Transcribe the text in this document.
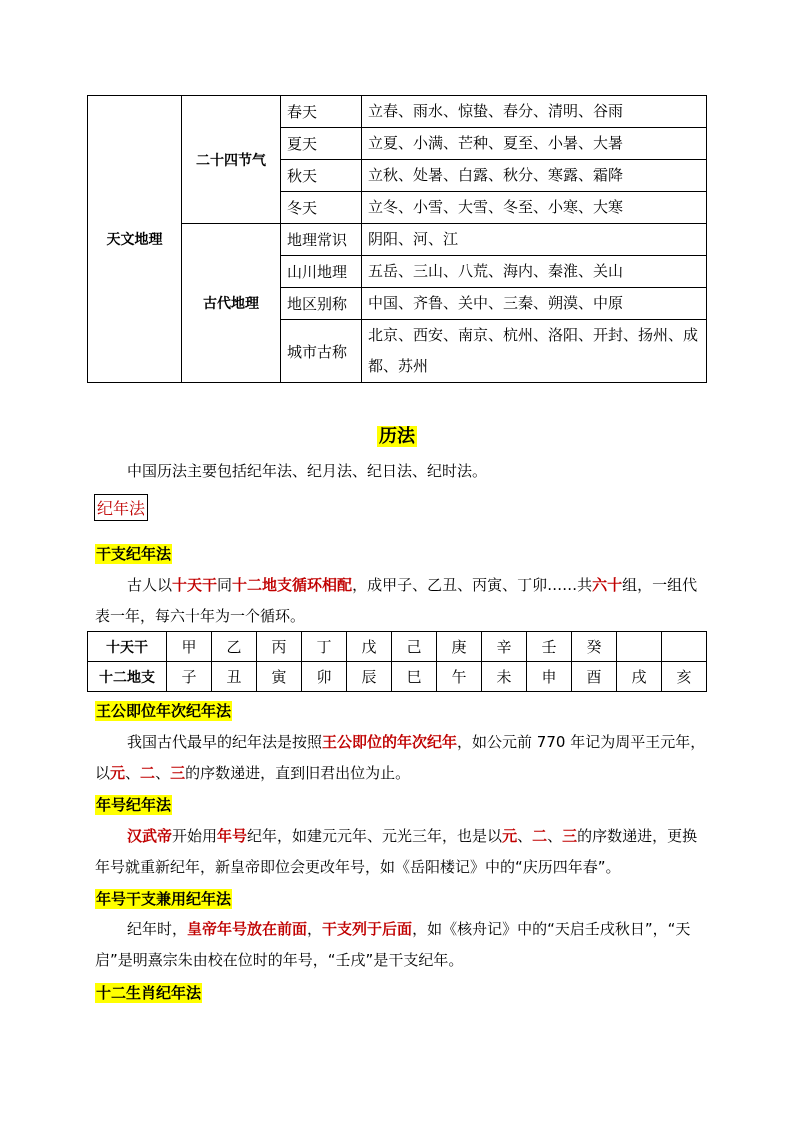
天文地理	二十四节气	春天	立春、雨水、惊蛰、春分、清明、谷雨
		夏天	立夏、小满、芒种、夏至、小暑、大暑
		秋天	立秋、处暑、白露、秋分、寒露、霜降
		冬天	立冬、小雪、大雪、冬至、小寒、大寒
	古代地理	地理常识	阴阳、河、江
		山川地理	五岳、三山、八荒、海内、秦淮、关山
		地区别称	中国、齐鲁、关中、三秦、朔漠、中原
		城市古称	北京、西安、南京、杭州、洛阳、开封、扬州、成都、苏州
历法
中国历法主要包括纪年法、纪月法、纪日法、纪时法。
纪年法
干支纪年法
古人以十天干同十二地支循环相配，成甲子、乙丑、丙寅、丁卯……共六十组，一组代表一年，每六十年为一个循环。
十天干	甲	乙	丙	丁	戊	己	庚	辛	壬	癸		
十二地支	子	丑	寅	卯	辰	巳	午	未	申	酉	戌	亥
王公即位年次纪年法
我国古代最早的纪年法是按照王公即位的年次纪年，如公元前 770 年记为周平王元年，以元、二、三的序数递进，直到旧君出位为止。
年号纪年法
汉武帝开始用年号纪年，如建元元年、元光三年，也是以元、二、三的序数递进，更换年号就重新纪年，新皇帝即位会更改年号，如《岳阳楼记》中的“庆历四年春”。
年号干支兼用纪年法
纪年时，皇帝年号放在前面，干支列于后面，如《核舟记》中的“天启壬戌秋日”，“天启”是明熹宗朱由校在位时的年号，“壬戌”是干支纪年。
十二生肖纪年法
